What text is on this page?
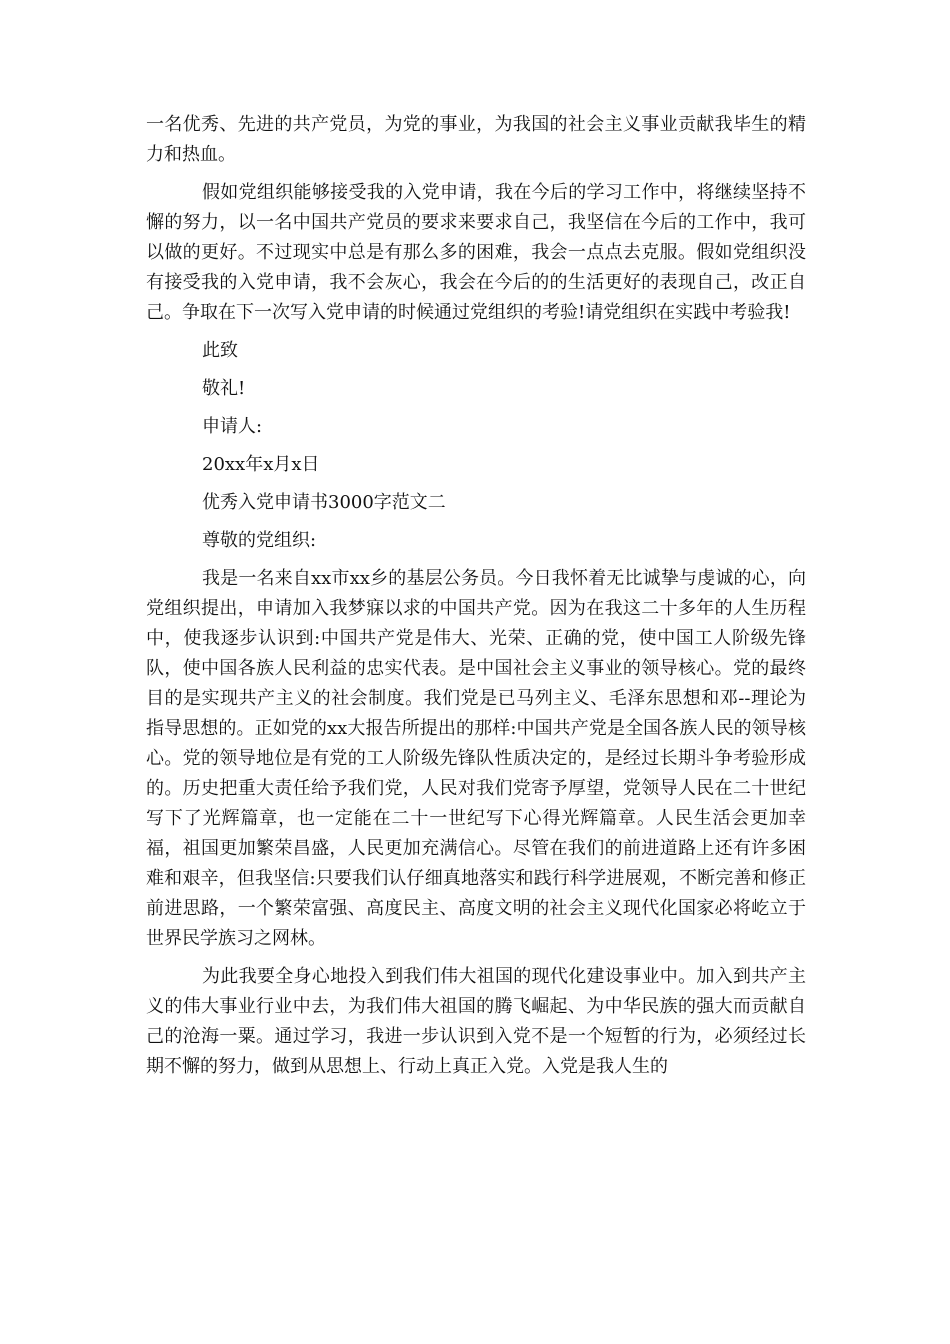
一名优秀、先进的共产党员，为党的事业，为我国的社会主义事业贡献我毕生的精力和热血。

假如党组织能够接受我的入党申请，我在今后的学习工作中，将继续坚持不懈的努力，以一名中国共产党员的要求来要求自己，我坚信在今后的工作中，我可以做的更好。不过现实中总是有那么多的困难，我会一点点去克服。假如党组织没有接受我的入党申请，我不会灰心，我会在今后的的生活更好的表现自己，改正自己。争取在下一次写入党申请的时候通过党组织的考验!请党组织在实践中考验我!

此致

敬礼!

申请人:

20xx年x月x日

优秀入党申请书3000字范文二

尊敬的党组织:

我是一名来自xx市xx乡的基层公务员。今日我怀着无比诚挚与虔诚的心，向党组织提出，申请加入我梦寐以求的中国共产党。因为在我这二十多年的人生历程中，使我逐步认识到:中国共产党是伟大、光荣、正确的党，使中国工人阶级先锋队，使中国各族人民利益的忠实代表。是中国社会主义事业的领导核心。党的最终目的是实现共产主义的社会制度。我们党是已马列主义、毛泽东思想和邓--理论为指导思想的。正如党的xx大报告所提出的那样:中国共产党是全国各族人民的领导核心。党的领导地位是有党的工人阶级先锋队性质决定的，是经过长期斗争考验形成的。历史把重大责任给予我们党，人民对我们党寄予厚望，党领导人民在二十世纪写下了光辉篇章，也一定能在二十一世纪写下心得光辉篇章。人民生活会更加幸福，祖国更加繁荣昌盛，人民更加充满信心。尽管在我们的前进道路上还有许多困难和艰辛，但我坚信:只要我们认仔细真地落实和践行科学进展观，不断完善和修正前进思路，一个繁荣富强、高度民主、高度文明的社会主义现代化国家必将屹立于世界民学族习之网林。

为此我要全身心地投入到我们伟大祖国的现代化建设事业中。加入到共产主义的伟大事业行业中去，为我们伟大祖国的腾飞崛起、为中华民族的强大而贡献自己的沧海一粟。通过学习，我进一步认识到入党不是一个短暂的行为，必须经过长期不懈的努力，做到从思想上、行动上真正入党。入党是我人生的
